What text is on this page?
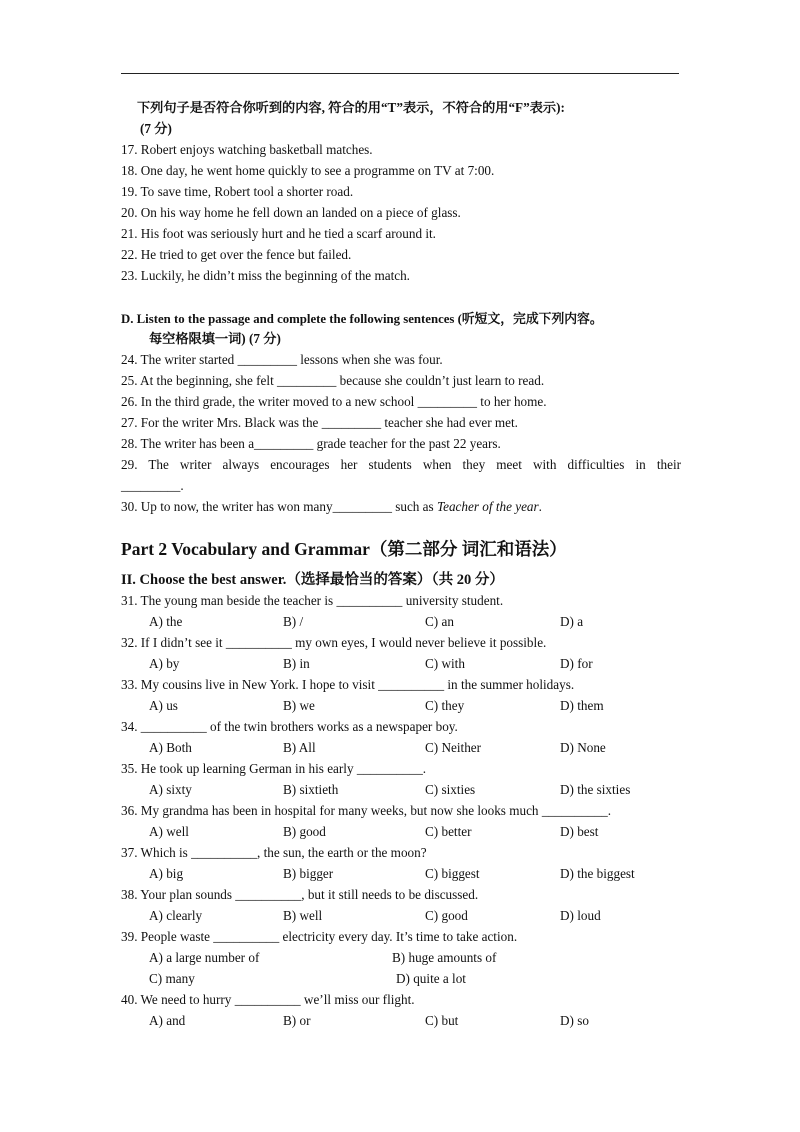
下列句子是否符合你听到的内容, 符合的用“T”表示，不符合的用“F”表示):
(7 分)
17. Robert enjoys watching basketball matches.
18. One day, he went home quickly to see a programme on TV at 7:00.
19. To save time, Robert tool a shorter road.
20. On his way home he fell down an landed on a piece of glass.
21. His foot was seriously hurt and he tied a scarf around it.
22. He tried to get over the fence but failed.
23. Luckily, he didn’t miss the beginning of the match.
D. Listen to the passage and complete the following sentences (听短文，完成下列内容。
每空格限填一词) (7 分)
24. The writer started _________ lessons when she was four.
25. At the beginning, she felt _________ because she couldn’t just learn to read.
26. In the third grade, the writer moved to a new school _________ to her home.
27. For the writer Mrs. Black was the _________ teacher she had ever met.
28. The writer has been a_________ grade teacher for the past 22 years.
29. The writer always encourages her students when they meet with difficulties in their
_________.
30. Up to now, the writer has won many_________ such as Teacher of the year.
Part 2 Vocabulary and Grammar（第二部分 词汇和语法）
II. Choose the best answer.（选择最恰当的答案）（共 20 分）
31. The young man beside the teacher is __________ university student.
A) the	B) /	C) an	D) a
32. If I didn’t see it __________ my own eyes, I would never believe it possible.
A) by	B) in	C) with	D) for
33. My cousins live in New York. I hope to visit __________ in the summer holidays.
A) us	B) we	C) they	D) them
34. __________ of the twin brothers works as a newspaper boy.
A) Both	B) All	C) Neither	D) None
35. He took up learning German in his early __________.
A) sixty	B) sixtieth	C) sixties	D) the sixties
36. My grandma has been in hospital for many weeks, but now she looks much __________.
A) well	B) good	C) better	D) best
37. Which is __________, the sun, the earth or the moon?
A) big	B) bigger	C) biggest	D) the biggest
38. Your plan sounds __________, but it still needs to be discussed.
A) clearly	B) well	C) good	D) loud
39. People waste __________ electricity every day. It’s time to take action.
A) a large number of	B) huge amounts of
C) many	D) quite a lot
40. We need to hurry __________ we’ll miss our flight.
A) and	B) or	C) but	D) so
